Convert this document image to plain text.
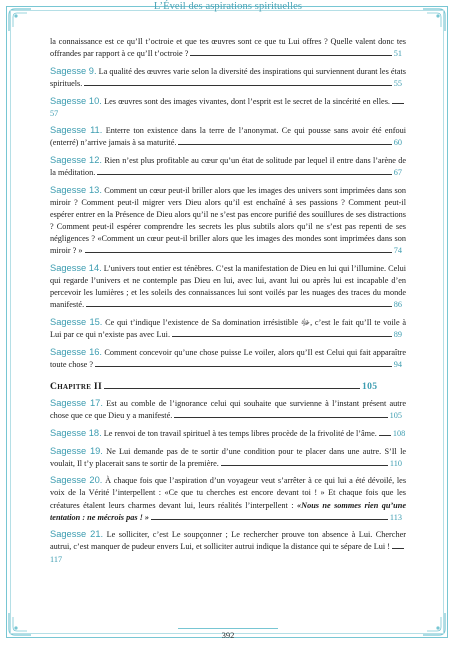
L’Éveil des aspirations spirituelles
la connaissance est ce qu’Il t’octroie et que tes œuvres sont ce que tu Lui offres ? Quelle valent donc tes offrandes par rapport à ce qu’Il t’octroie ?	51
Sagesse 9. La qualité des œuvres varie selon la diversité des inspirations qui surviennent durant les états spirituels.	55
Sagesse 10. Les œuvres sont des images vivantes, dont l’esprit est le secret de la sincérité en elles.57
Sagesse 11. Enterre ton existence dans la terre de l’anonymat. Ce qui pousse sans avoir été enfoui (enterré) n’arrive jamais à sa maturité.	60
Sagesse 12. Rien n’est plus profitable au cœur qu’un état de solitude par lequel il entre dans l’arène de la méditation.	67
Sagesse 13. Comment un cœur peut-il briller alors que les images des univers sont imprimées dans son miroir ? Comment peut-il migrer vers Dieu alors qu’il est enchaîné à ses passions ? Comment peut-il espérer entrer en la Présence de Dieu alors qu’il ne s’est pas encore purifié des souillures de ses distractions ? Comment peut-il espérer comprendre les secrets les plus subtils alors qu’il ne s’est pas repenti de ses négligences ? «Comment un cœur peut-il briller alors que les images des mondes sont imprimées dans son miroir ? »	74
Sagesse 14. L’univers tout entier est ténèbres. C’est la manifestation de Dieu en lui qui l’illumine. Celui qui regarde l’univers et ne contemple pas Dieu en lui, avec lui, avant lui ou après lui est incapable d’en percevoir les lumières ; et les soleils des connaissances lui sont voilés par les nuages des traces du monde manifesté.	86
Sagesse 15. Ce qui t’indique l’existence de Sa domination irrésistible ﷻ, c’est le fait qu’Il te voile à Lui par ce qui n’existe pas avec Lui.	89
Sagesse 16. Comment concevoir qu’une chose puisse Le voiler, alors qu’Il est Celui qui fait apparaître toute chose ?	94
Chapitre II	105
Sagesse 17. Est au comble de l’ignorance celui qui souhaite que survienne à l’instant présent autre chose que ce que Dieu y a manifesté.	105
Sagesse 18. Le renvoi de ton travail spirituel à tes temps libres procède de la frivolité de l’âme. 108
Sagesse 19. Ne Lui demande pas de te sortir d’une condition pour te placer dans une autre. S’Il le voulait, Il t’y placerait sans te sortir de la première.	110
Sagesse 20. À chaque fois que l’aspiration d’un voyageur veut s’arrêter à ce qui lui a été dévoilé, les voix de la Vérité l’interpellent : «Ce que tu cherches est encore devant toi ! » Et chaque fois que les créatures étalent leurs charmes devant lui, leurs réalités l’interpellent : «Nous ne sommes rien qu’une tentation : ne mécrois pas ! »	113
Sagesse 21. Le solliciter, c’est Le soupçonner ; Le rechercher prouve ton absence à Lui. Chercher autrui, c’est manquer de pudeur envers Lui, et solliciter autrui indique la distance qui te sépare de Lui !117
392
